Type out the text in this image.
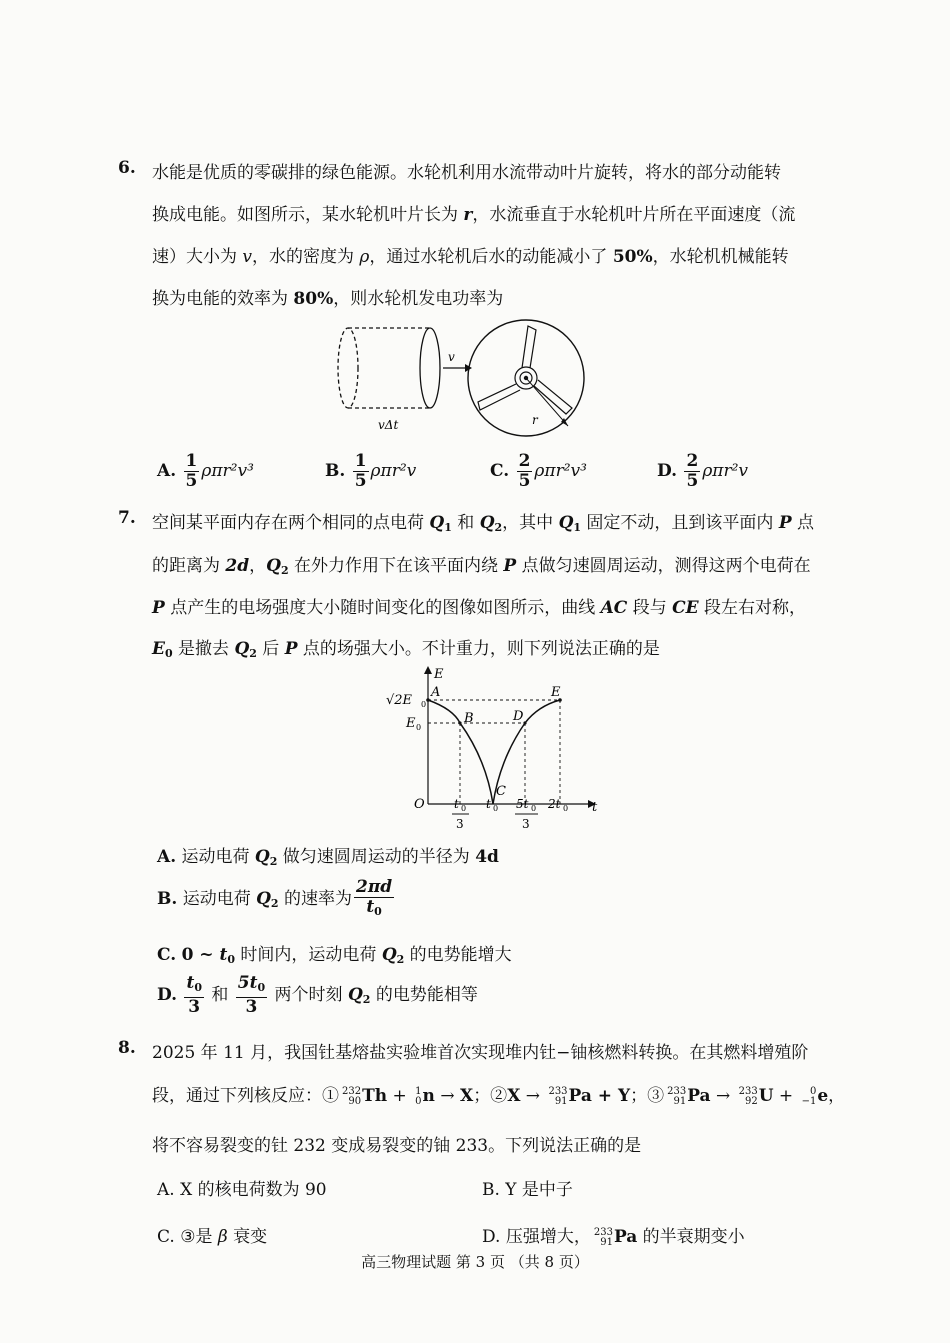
6. 水能是优质的零碳排的绿色能源。水轮机利用水流带动叶片旋转，将水的部分动能转
换成电能。如图所示，某水轮机叶片长为 r，水流垂直于水轮机叶片所在平面速度（流
速）大小为 v，水的密度为 ρ，通过水轮机后水的动能减小了 50%，水轮机机械能转
换为电能的效率为 80%，则水轮机发电功率为
v
vΔt	r
A. $\frac{1}{5} \rho\pi r^2v^3$	B. $\frac{1}{5} \rho\pi r^2v$	C. $\frac{2}{5} \rho\pi r^2v^3$	D. $\frac{2}{5} \rho\pi r^2v$
7. 空间某平面内存在两个相同的点电荷 $Q_1$ 和 $Q_2$，其中 $Q_1$ 固定不动，且到该平面内 P 点
的距离为 2d，$Q_2$ 在外力作用下在该平面内绕 P 点做匀速圆周运动，测得这两个电荷在
P 点产生的电场强度大小随时间变化的图像如图所示，曲线 AC 段与 CE 段左右对称，
$E_0$ 是撤去 $Q_2$ 后 P 点的场强大小。不计重力，则下列说法正确的是
E
t
O
A
B
C
D
E
√2E 0
E 0
t 0
3
t 0 5t 0
3
2t 0
A. 运动电荷 $Q_2$ 做匀速圆周运动的半径为 4d
B. 运动电荷 $Q_2$ 的速率为 $\frac{2\pi d}{t_0}$
C. 0 ~ $t_0$ 时间内，运动电荷 $Q_2$ 的电势能增大
D. $\frac{t_0}{3}$ 和 $\frac{5t_0}{3}$ 两个时刻 $Q_2$ 的电势能相等
8. 2025 年 11 月，我国钍基熔盐实验堆首次实现堆内钍−铀核燃料转换。在其燃料增殖阶
段，通过下列核反应：① 232
90 Th + 1
0 n → X；②X → 233
91 Pa + Y；③ 233
91 Pa → 233
92 U +	0
−1 e，
将不容易裂变的钍 232 变成易裂变的铀 233。下列说法正确的是
A. X 的核电荷数为 90	B. Y 是中子
C. ③是 β 衰变	D. 压强增大， 233
91 Pa 的半衰期变小
高三物理试题 第 3 页 （共 8 页）
